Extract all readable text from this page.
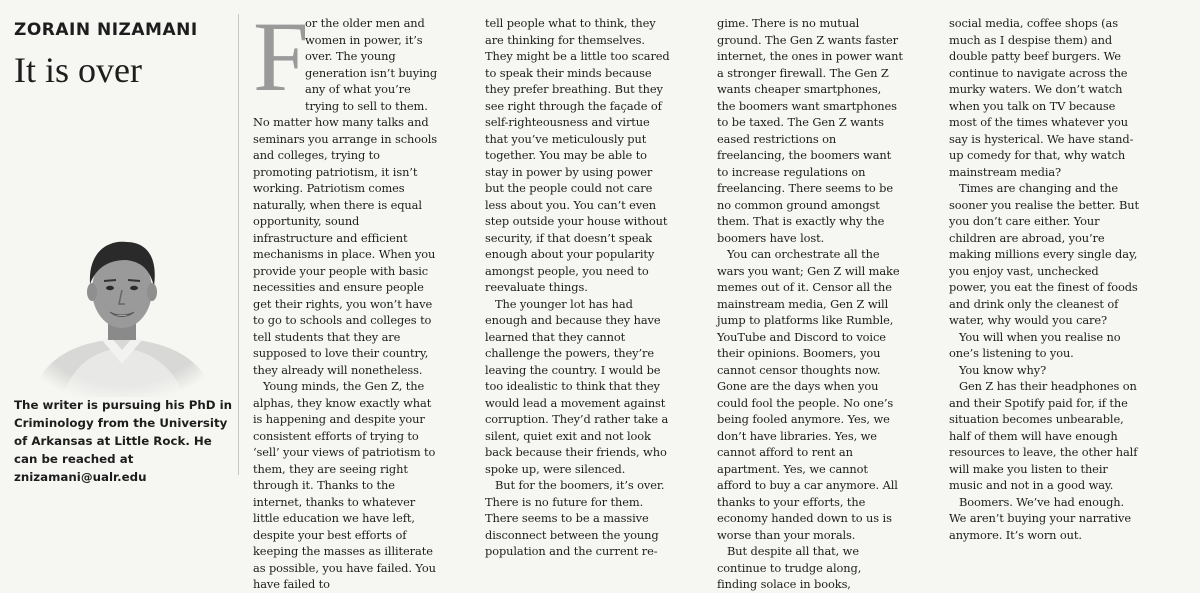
ZORAIN NIZAMANI
It is over

The writer is pursuing his PhD in Criminology from the University of Arkansas at Little Rock. He can be reached at znizamani@ualr.edu

F
or the older men and women in power, it’s over. The young generation isn’t buying any of what you’re trying to sell to them. No matter how many talks and seminars you arrange in schools and colleges, trying to promoting patriotism, it isn’t working. Patriotism comes naturally, when there is equal opportunity, sound infrastructure and efficient mechanisms in place. When you provide your people with basic necessities and ensure people get their rights, you won’t have to go to schools and colleges to tell students that they are supposed to love their country, they already will nonetheless.

Young minds, the Gen Z, the alphas, they know exactly what is happening and despite your consistent efforts of trying to ‘sell’ your views of patriotism to them, they are seeing right through it. Thanks to the internet, thanks to whatever little education we have left, despite your best efforts of keeping the masses as illiterate as possible, you have failed. You have failed to

tell people what to think, they are thinking for themselves. They might be a little too scared to speak their minds because they prefer breathing. But they see right through the façade of self-righteousness and virtue that you’ve meticulously put together. You may be able to stay in power by using power but the people could not care less about you. You can’t even step outside your house without security, if that doesn’t speak enough about your popularity amongst people, you need to reevaluate things.

The younger lot has had enough and because they have learned that they cannot challenge the powers, they’re leaving the country. I would be too idealistic to think that they would lead a movement against corruption. They’d rather take a silent, quiet exit and not look back because their friends, who spoke up, were silenced.

But for the boomers, it’s over. There is no future for them. There seems to be a massive disconnect between the young population and the current re-

gime. There is no mutual ground. The Gen Z wants faster internet, the ones in power want a stronger firewall. The Gen Z wants cheaper smartphones, the boomers want smartphones to be taxed. The Gen Z wants eased restrictions on freelancing, the boomers want to increase regulations on freelancing. There seems to be no common ground amongst them. That is exactly why the boomers have lost.

You can orchestrate all the wars you want; Gen Z will make memes out of it. Censor all the mainstream media, Gen Z will jump to platforms like Rumble, YouTube and Discord to voice their opinions. Boomers, you cannot censor thoughts now. Gone are the days when you could fool the people. No one’s being fooled anymore. Yes, we don’t have libraries. Yes, we cannot afford to rent an apartment. Yes, we cannot afford to buy a car anymore. All thanks to your efforts, the economy handed down to us is worse than your morals.

But despite all that, we continue to trudge along, finding solace in books,

social media, coffee shops (as much as I despise them) and double patty beef burgers. We continue to navigate across the murky waters. We don’t watch when you talk on TV because most of the times whatever you say is hysterical. We have stand-up comedy for that, why watch mainstream media?

Times are changing and the sooner you realise the better. But you don’t care either. Your children are abroad, you’re making millions every single day, you enjoy vast, unchecked power, you eat the finest of foods and drink only the cleanest of water, why would you care?

You will when you realise no one’s listening to you.

You know why?

Gen Z has their headphones on and their Spotify paid for, if the situation becomes unbearable, half of them will have enough resources to leave, the other half will make you listen to their music and not in a good way.

Boomers. We’ve had enough. We aren’t buying your narrative anymore. It’s worn out.
